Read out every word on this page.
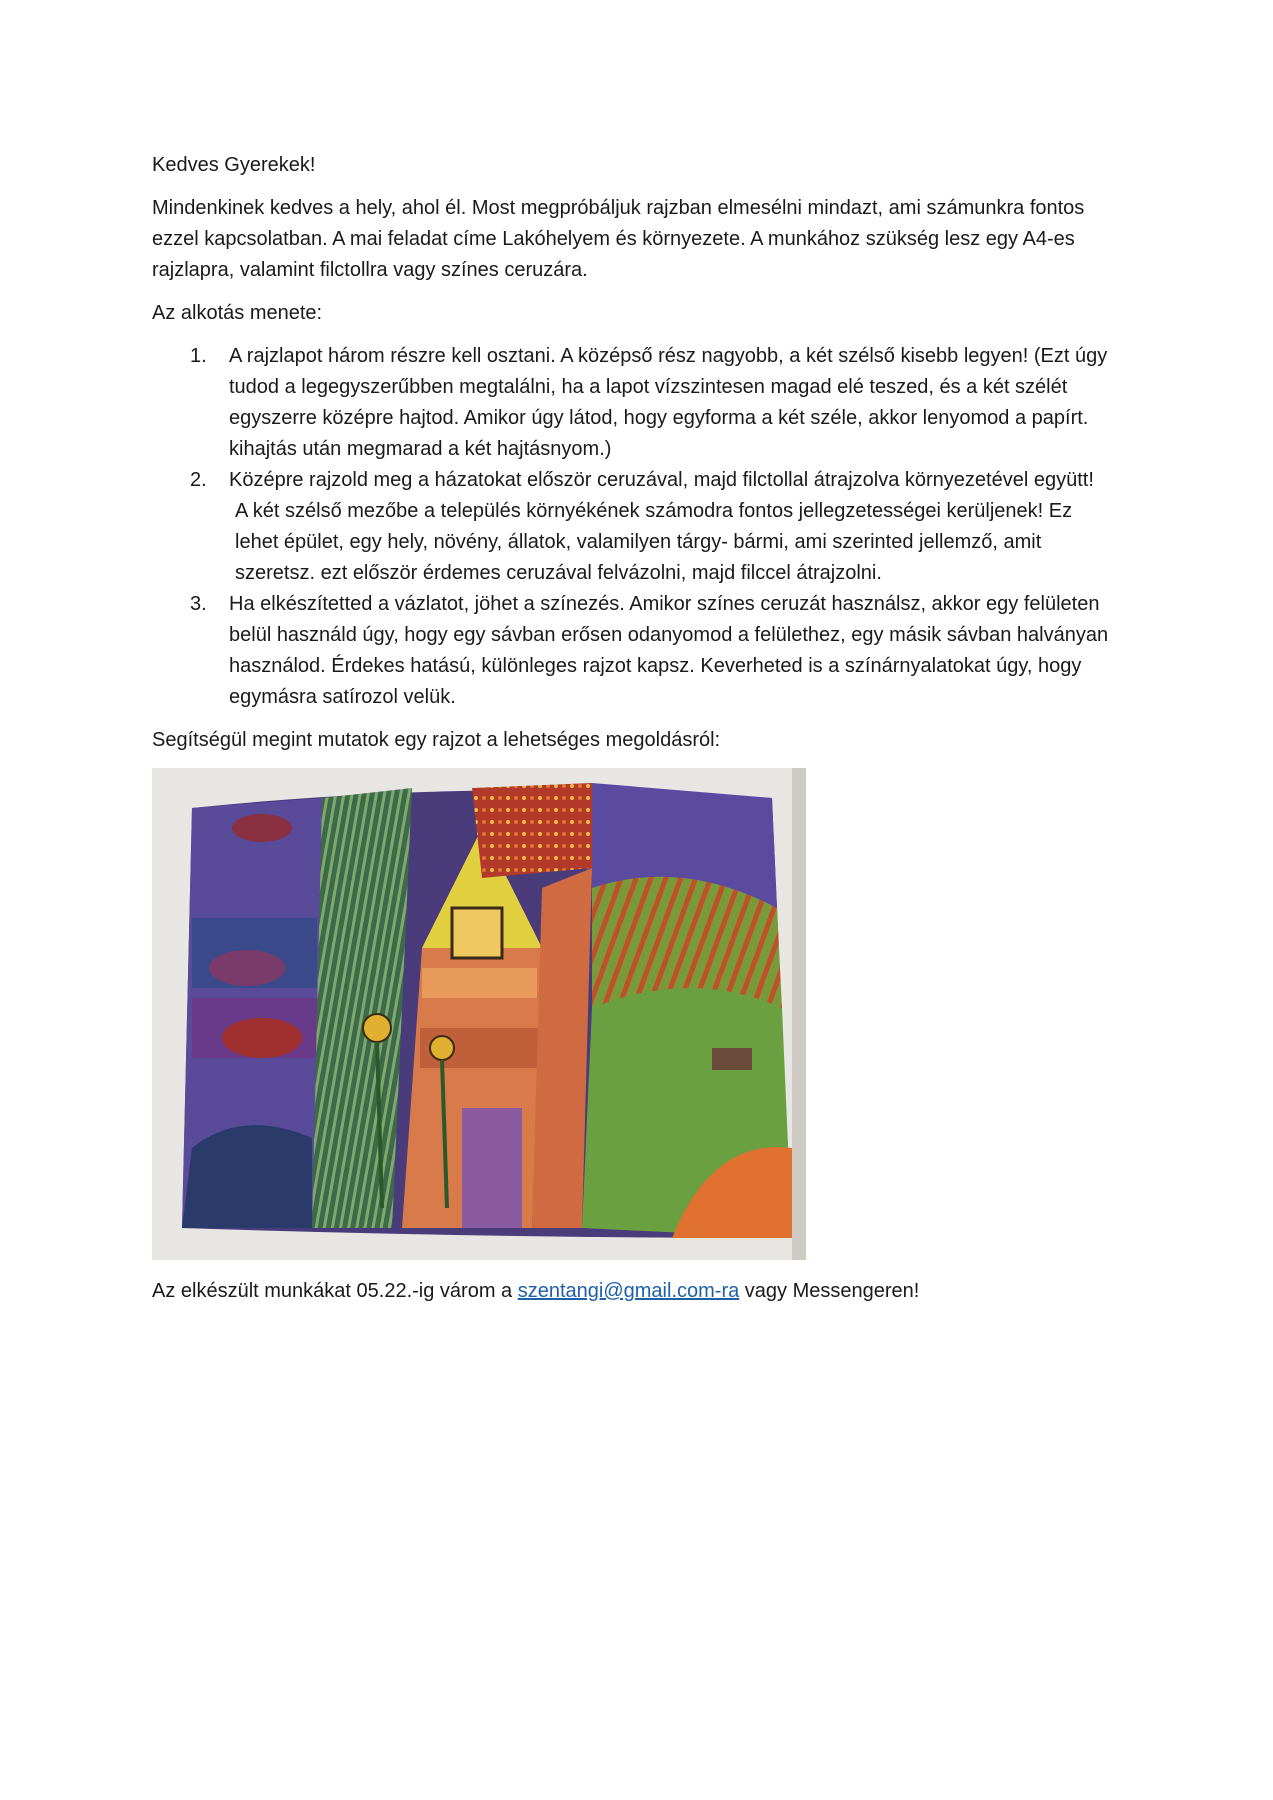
Kedves Gyerekek!

Mindenkinek kedves a hely, ahol él. Most megpróbáljuk rajzban elmesélni mindazt, ami számunkra fontos ezzel kapcsolatban. A mai feladat címe Lakóhelyem és környezete. A munkához szükség lesz egy A4-es rajzlapra, valamint filctollra vagy színes ceruzára.

Az alkotás menete:

1. A rajzlapot három részre kell osztani. A középső rész nagyobb, a két szélső kisebb legyen! (Ezt úgy tudod a legegyszerűbben megtalálni, ha a lapot vízszintesen magad elé teszed, és a két szélét egyszerre középre hajtod. Amikor úgy látod, hogy egyforma a két széle, akkor lenyomod a papírt. kihajtás után megmarad a két hajtásnyom.)

2. Középre rajzold meg a házatokat először ceruzával, majd filctollal átrajzolva környezetével együtt!

A két szélső mezőbe a település környékének számodra fontos jellegzetességei kerüljenek! Ez lehet épület, egy hely, növény, állatok, valamilyen tárgy- bármi, ami szerinted jellemző, amit szeretsz. ezt először érdemes ceruzával felvázolni, majd filccel átrajzolni.

3. Ha elkészítetted a vázlatot, jöhet a színezés. Amikor színes ceruzát használsz, akkor egy felületen belül használd úgy, hogy egy sávban erősen odanyomod a felülethez, egy másik sávban halványan használod. Érdekes hatású, különleges rajzot kapsz. Keverheted is a színárnyalatokat úgy, hogy egymásra satírozol velük.

Segítségül megint mutatok egy rajzot a lehetséges megoldásról:

Az elkészült munkákat 05.22.-ig várom a szentangi@gmail.com-ra vagy Messengeren!
